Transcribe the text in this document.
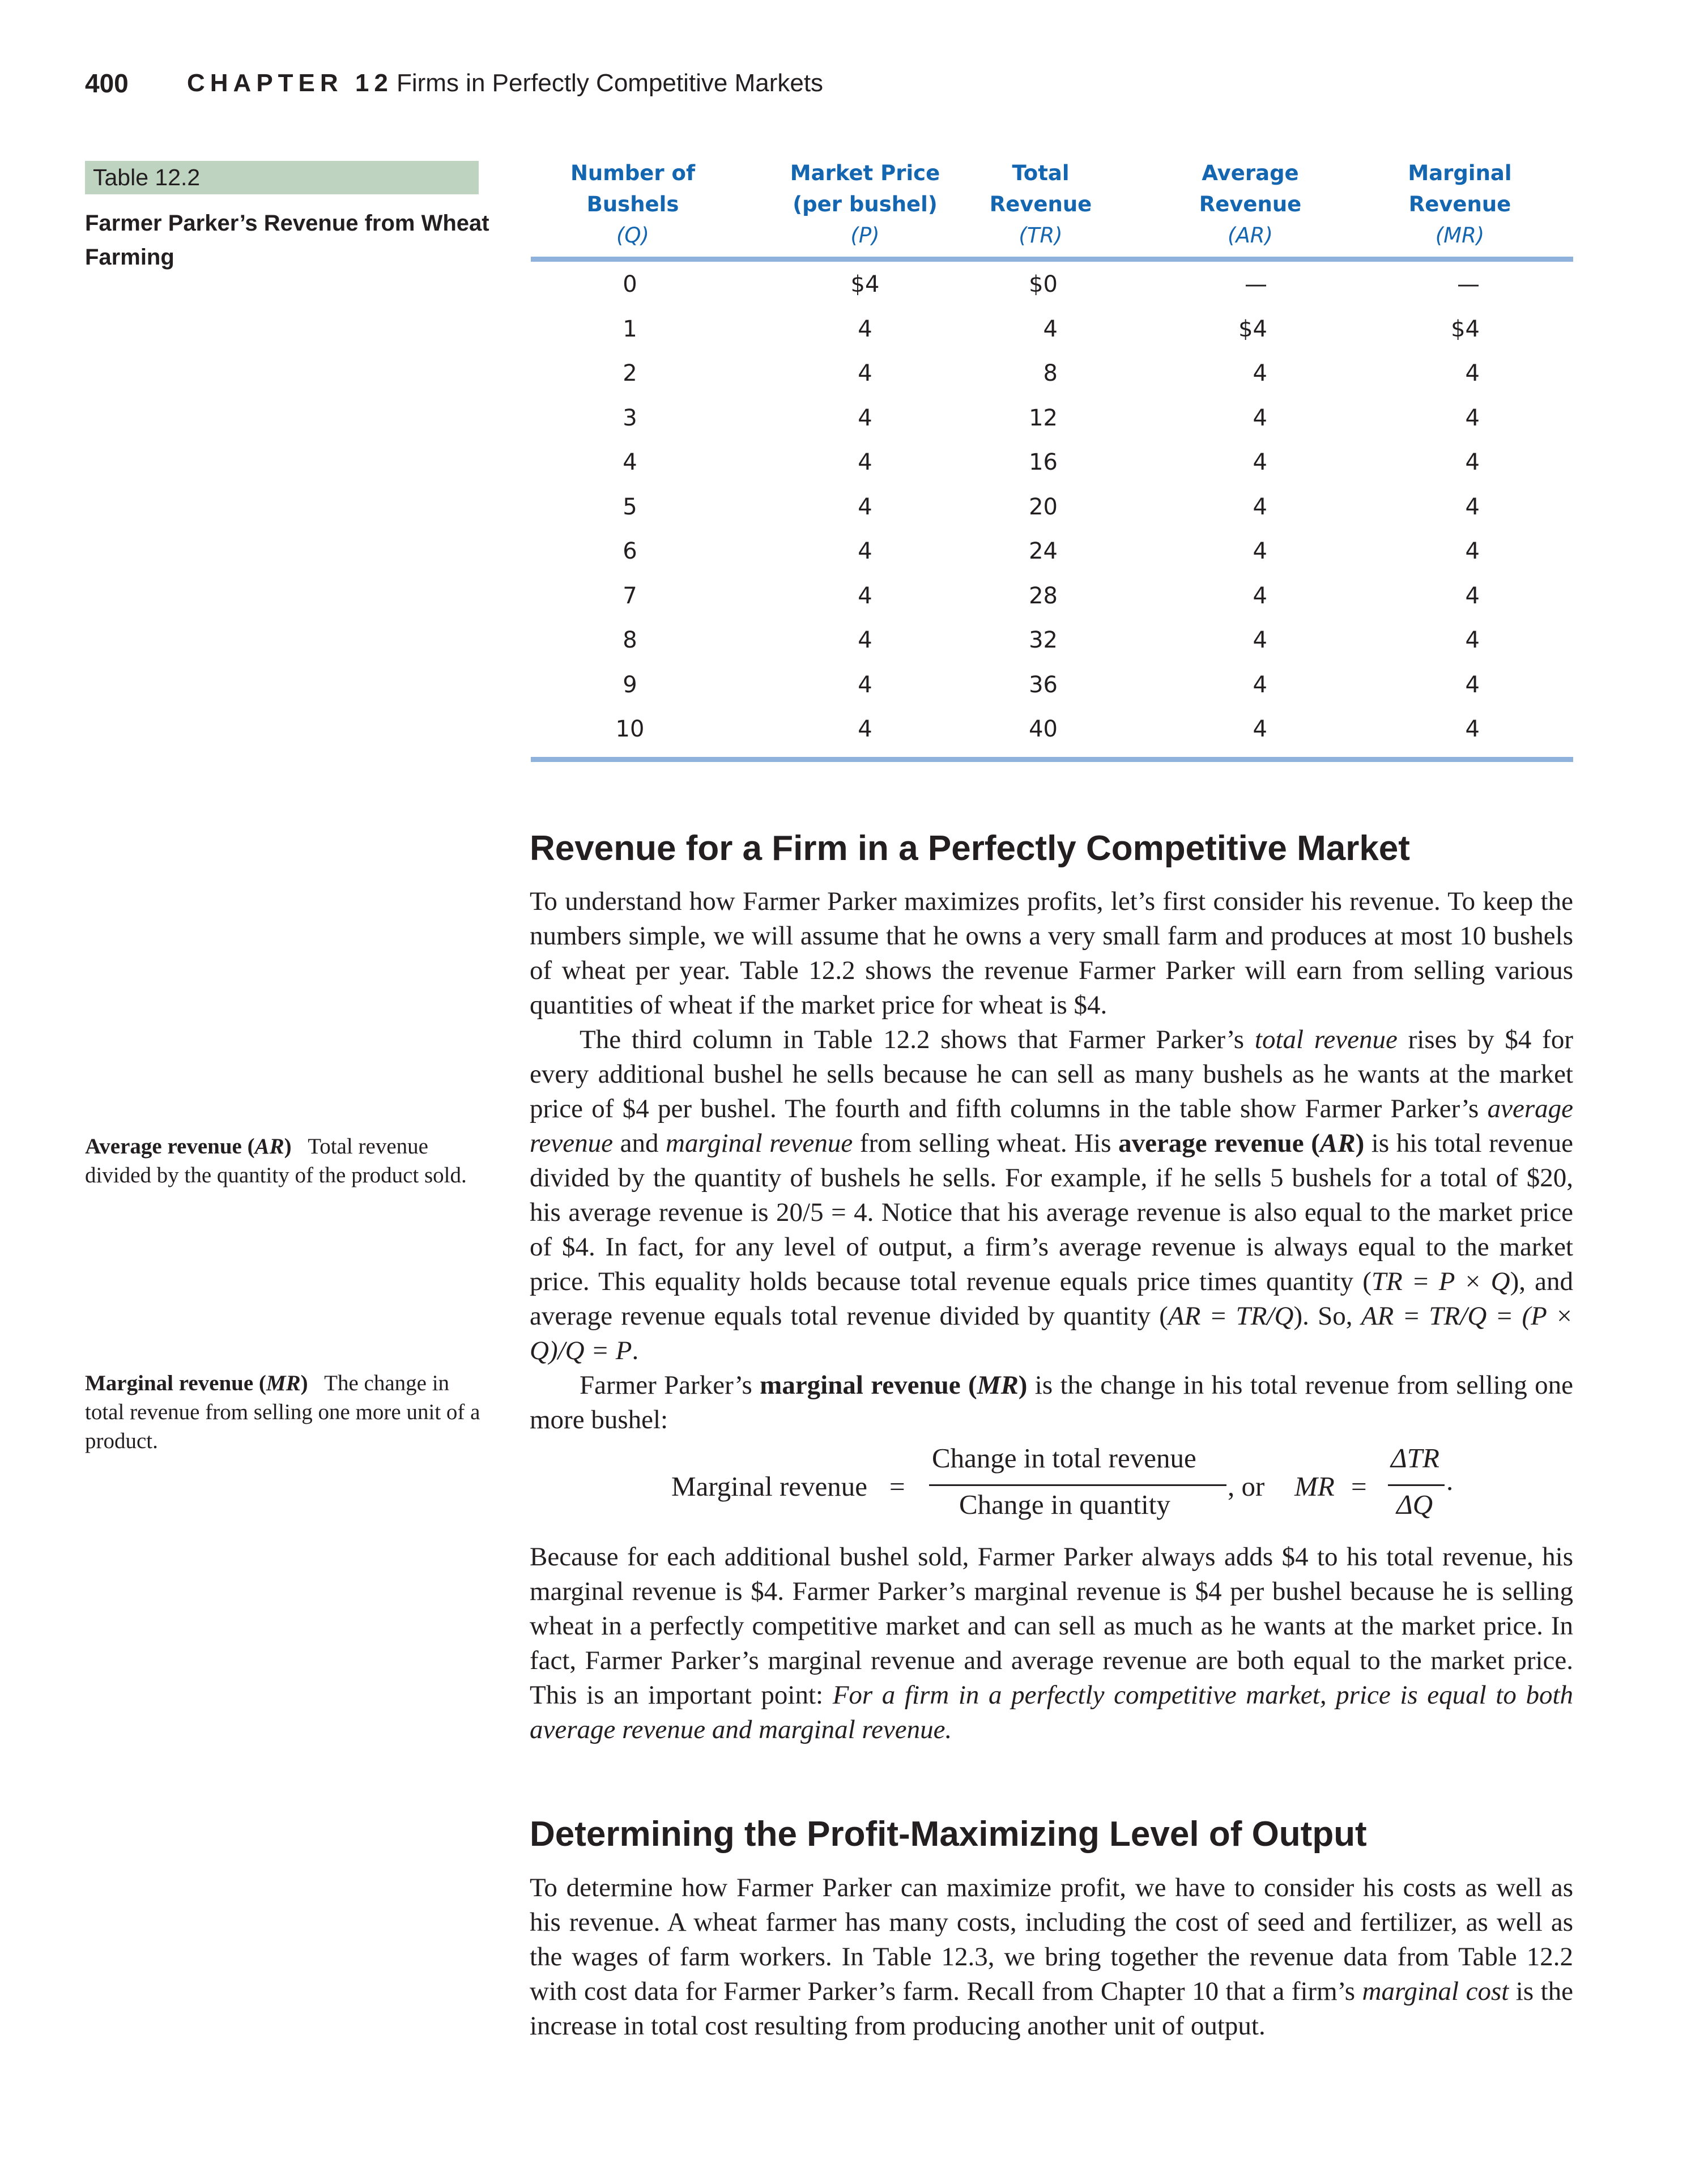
400 CHAPTER 12 Firms in Perfectly Competitive Markets
Table 12.2
Farmer Parker’s Revenue from Wheat Farming
Number of
Bushels
(Q)
Market Price
(per bushel)
(P)
Total
Revenue
(TR)
Average
Revenue
(AR)
Marginal
Revenue
(MR)
0	$4	$0	—	—
1	4	4	$4	$4
2	4	8	4	4
3	4	12	4	4
4	4	16	4	4
5	4	20	4	4
6	4	24	4	4
7	4	28	4	4
8	4	32	4	4
9	4	36	4	4
10	4	40	4	4
Revenue for a Firm in a Perfectly Competitive Market

To understand how Farmer Parker maximizes profits, let’s first consider his revenue. To keep the numbers simple, we will assume that he owns a very small farm and produces at most 10 bushels of wheat per year. Table 12.2 shows the revenue Farmer Parker will earn from selling various quantities of wheat if the market price for wheat is $4.

The third column in Table 12.2 shows that Farmer Parker’s total revenue rises by $4 for every additional bushel he sells because he can sell as many bushels as he wants at the market price of $4 per bushel. The fourth and fifth columns in the table show Farmer Parker’s average revenue and marginal revenue from selling wheat. His average revenue (AR) is his total revenue divided by the quantity of bushels he sells. For example, if he sells 5 bushels for a total of $20, his average revenue is 20/5 = 4. Notice that his average revenue is also equal to the market price of $4. In fact, for any level of output, a firm’s average revenue is always equal to the market price. This equality holds because total revenue equals price times quantity (TR = P × Q), and average revenue equals total revenue divided by quantity (AR = TR/Q). So, AR = TR/Q = (P × Q)/Q = P.

Farmer Parker’s marginal revenue (MR) is the change in his total revenue from selling one more bushel:

Marginal revenue =
Change in total revenue
Change in quantity
, or MR =
ΔTR
ΔQ
.

Because for each additional bushel sold, Farmer Parker always adds $4 to his total revenue, his marginal revenue is $4. Farmer Parker’s marginal revenue is $4 per bushel because he is selling wheat in a perfectly competitive market and can sell as much as he wants at the market price. In fact, Farmer Parker’s marginal revenue and average revenue are both equal to the market price. This is an important point: For a firm in a perfectly competitive market, price is equal to both average revenue and marginal revenue.

Determining the Profit-Maximizing Level of Output

To determine how Farmer Parker can maximize profit, we have to consider his costs as well as his revenue. A wheat farmer has many costs, including the cost of seed and fertilizer, as well as the wages of farm workers. In Table 12.3, we bring together the revenue data from Table 12.2 with cost data for Farmer Parker’s farm. Recall from Chapter 10 that a firm’s marginal cost is the increase in total cost resulting from producing another unit of output.

Average revenue (AR) Total revenue divided by the quantity of the product sold.
Marginal revenue (MR) The change in total revenue from selling one more unit of a product.
